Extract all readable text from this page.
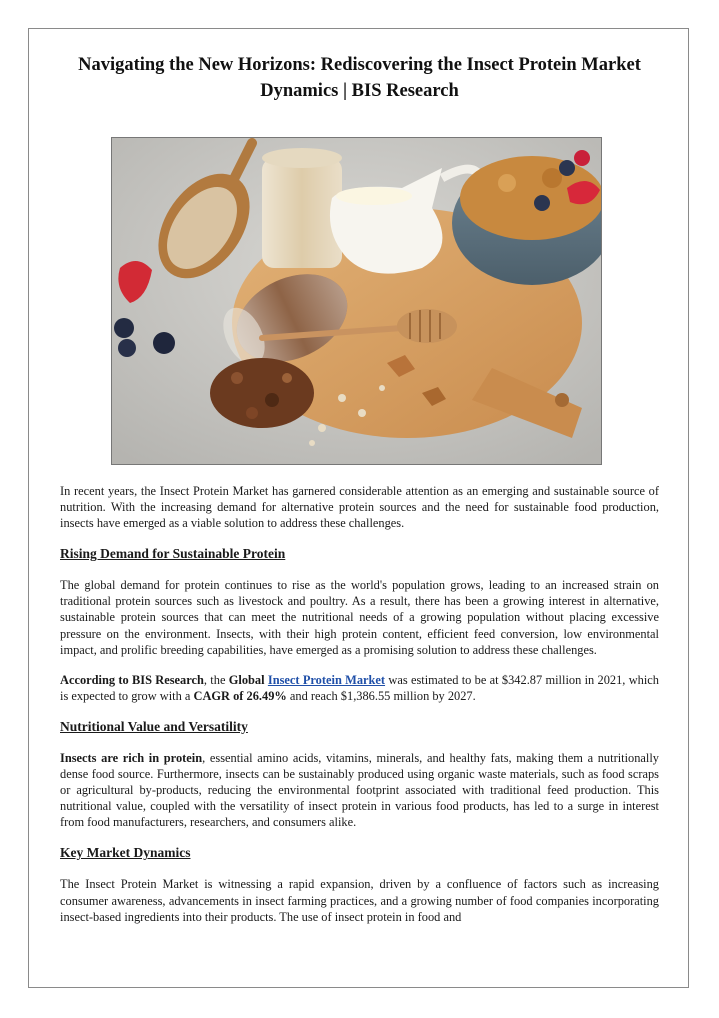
Navigating the New Horizons: Rediscovering the Insect Protein Market Dynamics | BIS Research

In recent years, the Insect Protein Market has garnered considerable attention as an emerging and sustainable source of nutrition. With the increasing demand for alternative protein sources and the need for sustainable food production, insects have emerged as a viable solution to address these challenges.

Rising Demand for Sustainable Protein

The global demand for protein continues to rise as the world's population grows, leading to an increased strain on traditional protein sources such as livestock and poultry. As a result, there has been a growing interest in alternative, sustainable protein sources that can meet the nutritional needs of a growing population without placing excessive pressure on the environment. Insects, with their high protein content, efficient feed conversion, low environmental impact, and prolific breeding capabilities, have emerged as a promising solution to address these challenges.

According to BIS Research, the Global Insect Protein Market was estimated to be at $342.87 million in 2021, which is expected to grow with a CAGR of 26.49% and reach $1,386.55 million by 2027.

Nutritional Value and Versatility

Insects are rich in protein, essential amino acids, vitamins, minerals, and healthy fats, making them a nutritionally dense food source. Furthermore, insects can be sustainably produced using organic waste materials, such as food scraps or agricultural by-products, reducing the environmental footprint associated with traditional feed production. This nutritional value, coupled with the versatility of insect protein in various food products, has led to a surge in interest from food manufacturers, researchers, and consumers alike.

Key Market Dynamics

The Insect Protein Market is witnessing a rapid expansion, driven by a confluence of factors such as increasing consumer awareness, advancements in insect farming practices, and a growing number of food companies incorporating insect-based ingredients into their products. The use of insect protein in food and
